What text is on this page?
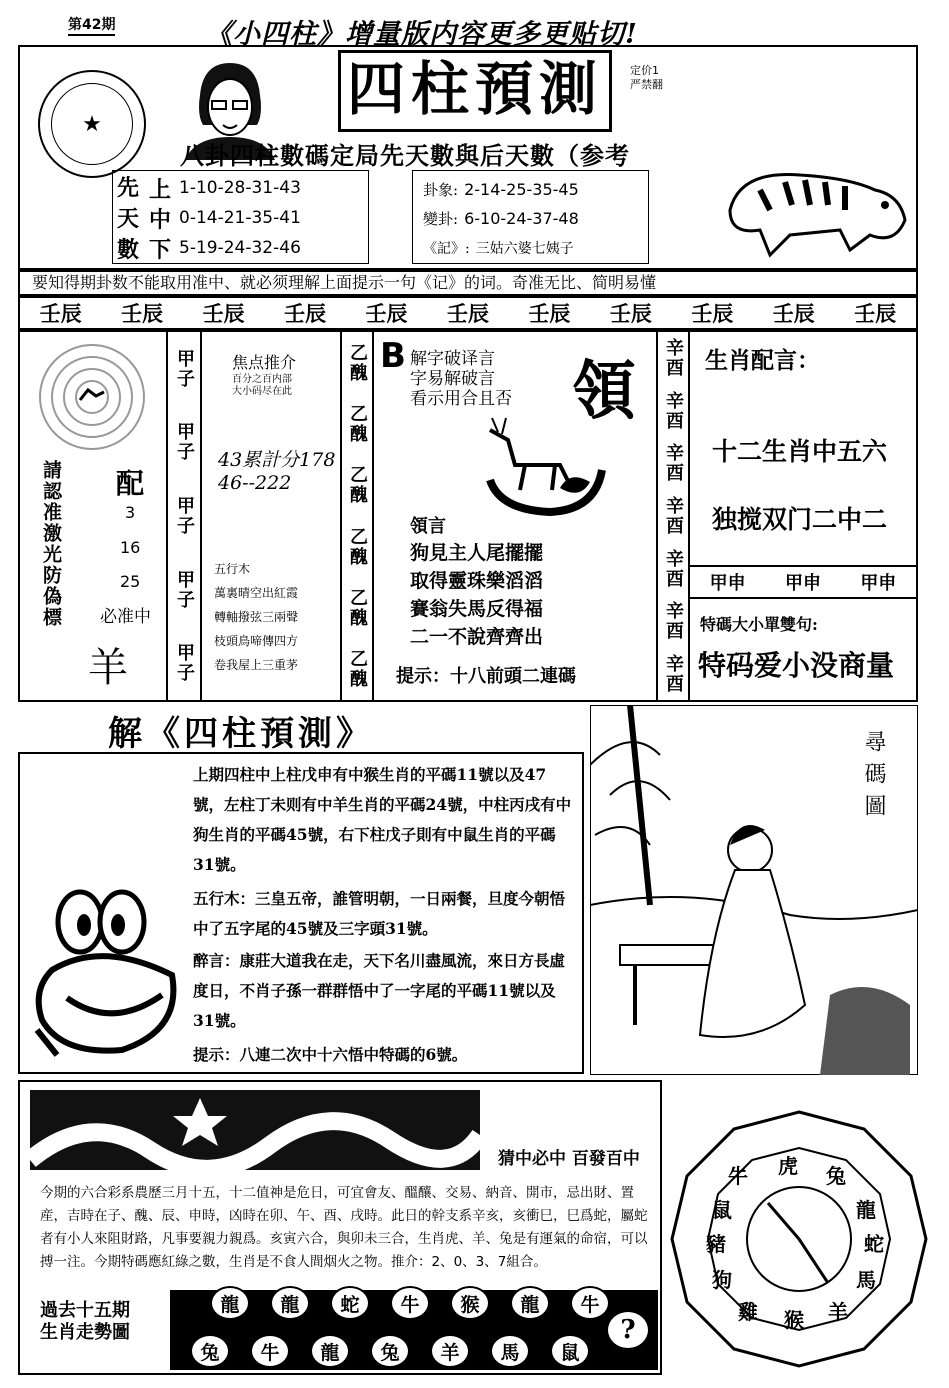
第42期	《小四柱》增量版内容更多更贴切!
★
四柱預測	定价1
严禁翻
八卦四柱數碼定局先天數與后天數（参考
先
天
數
上 1-10-28-31-43
中 0-14-21-35-41
下 5-19-24-32-46
卦象: 2-14-25-35-45
變卦: 6-10-24-37-48
《記》: 三姑六婆七姨子
要知得期卦数不能取用准中、就必须理解上面提示一句《记》的词。奇准无比、简明易懂
壬辰 壬辰 壬辰 壬辰 壬辰 壬辰 壬辰 壬辰 壬辰 壬辰 壬辰
請認准激光防偽標 配
3
16
25
必准中
羊
甲子
甲子
甲子
甲子
甲子
焦点推介
百分之百内部
大小码尽在此
43累計分178
46--222
五行木
萬裏晴空出紅霞
轉軸撥弦三兩聲
枝頭鳥啼傳四方
卷我屋上三重茅
乙醜
乙醜
乙醜
乙醜
乙醜
乙醜
B 解字破译言
字易解破言
看示用合且否 領
領言
狗見主人尾擺擺
取得靈珠樂滔滔
賽翁失馬反得福
二一不說齊齊出
提示：十八前頭二連碼
辛酉
辛酉
辛酉
辛酉
辛酉
辛酉
辛酉
生肖配言：
十二生肖中五六
独搅双门二中二
甲申 甲申 甲申
特碼大小單雙句:
特码爱小没商量
解《四柱預測》
上期四柱中上柱戊申有中猴生肖的平碼11號以及47號，左柱丁未则有中羊生肖的平碼24號，中柱丙戌有中狗生肖的平碼45號，右下柱戊子則有中鼠生肖的平碼31號。
五行木：三皇五帝，誰管明朝，一日兩餐，旦度今朝悟中了五字尾的45號及三字頭31號。
醉言：康莊大道我在走，天下名川盡風流，來日方長虛度日，不肖子孫一群群悟中了一字尾的平碼11號以及31號。
提示：八連二次中十六悟中特碼的6號。
尋碼圖
猜中必中 百發百中
今期的六合彩系農歷三月十五，十二值神是危日，可宜會友、醞釀、交易、納音、開市，忌出財、置産，吉時在子、醜、辰、申時，凶時在卯、午、酉、戌時。此日的幹支系辛亥，亥衝巳，巳爲蛇，屬蛇者有小人來阻財路，凡事要親力親爲。亥寅六合，與卯未三合，生肖虎、羊、兔是有運氣的命宿，可以搏一注。今期特碼應紅綠之數，生肖是不食人間烟火之物。推介：2、0、3、7組合。
過去十五期
生肖走勢圖
龍	龍	蛇	牛	猴	龍	牛
兔	牛	龍	兔	羊	馬	鼠
?
牛 虎 兔
龍
蛇
馬
羊
猴
雞
狗
豬
鼠
